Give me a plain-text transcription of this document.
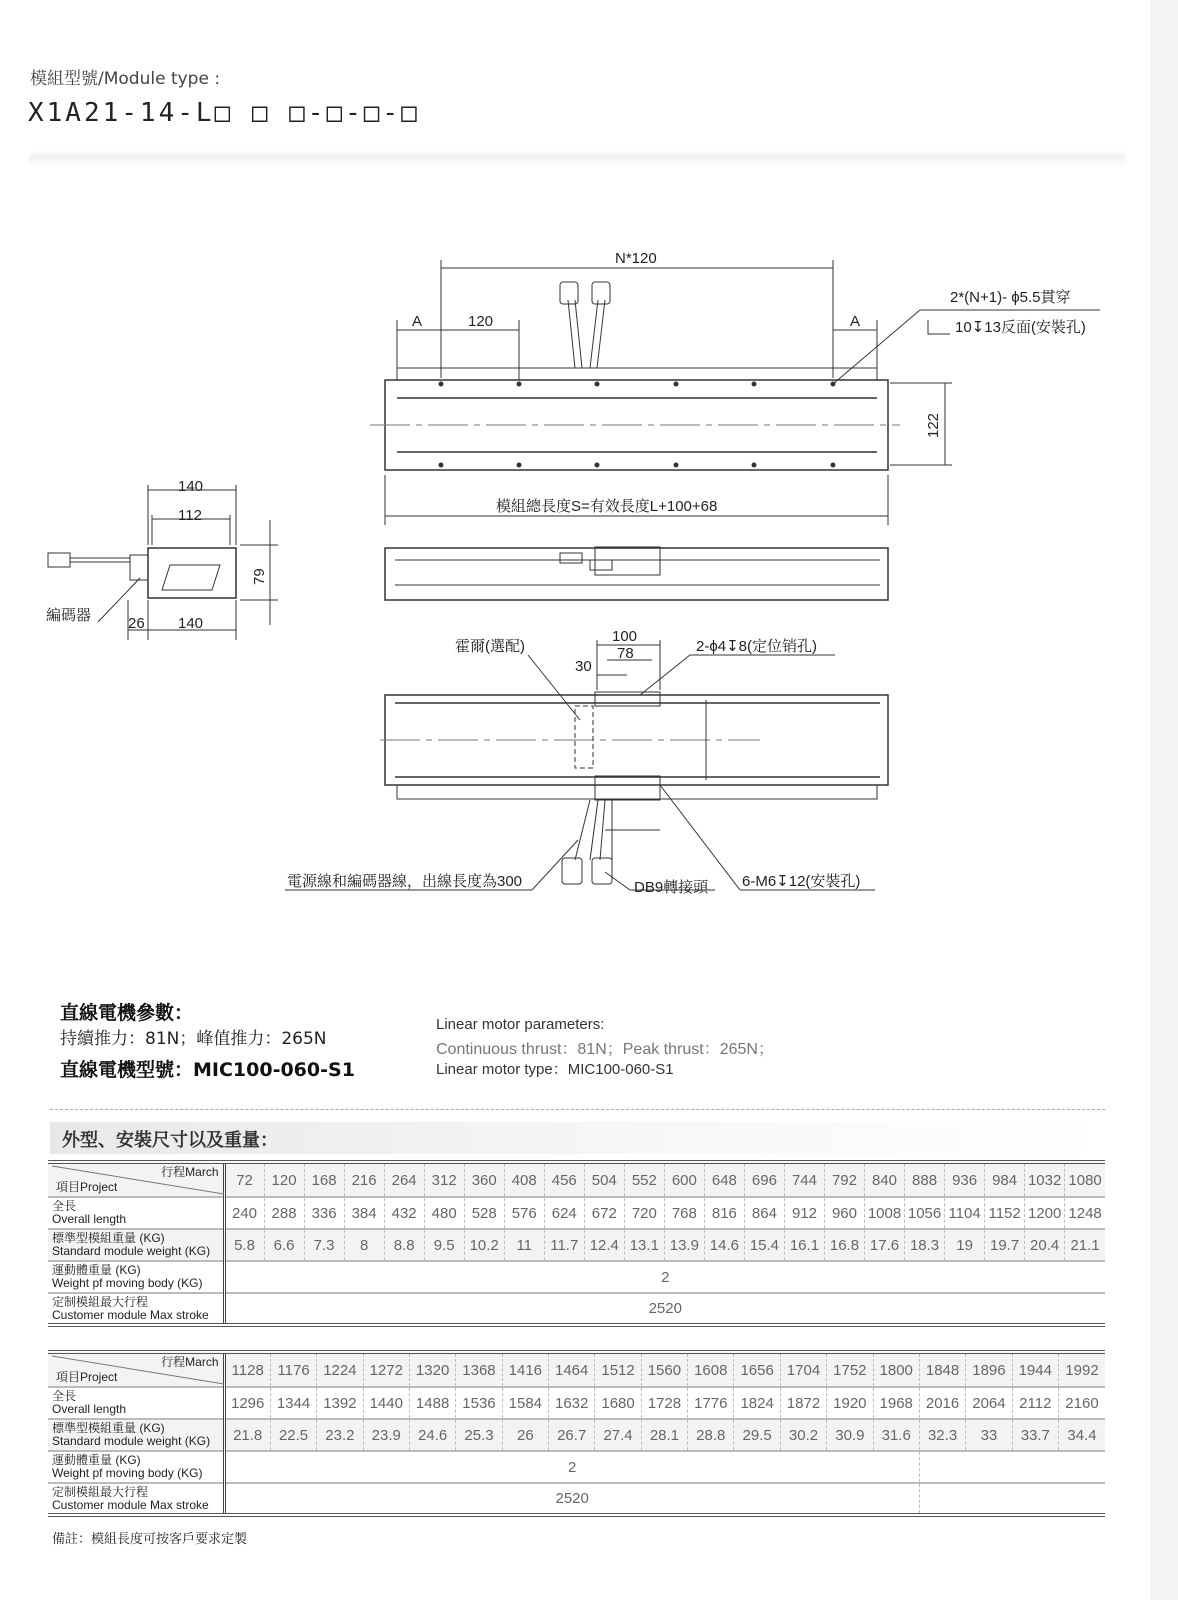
模組型號/Module type :
X1A21-14-L□ □ □-□-□-□
N*120
A	120	A
2*(N+1)- ϕ5.5貫穿
10↧13反面(安裝孔)
122
模組總長度S=有效長度L+100+68
140
112
79
編碼器 26 140
霍爾(選配)
100
78
30
2-ϕ4↧8(定位销孔)
電源線和編碼器線，出線長度為300	DB9轉接頭 6-M6↧12(安裝孔)
直線電機參數：
持續推力：81N；峰值推力：265N
直線電機型號：MIC100-060-S1
Linear motor parameters:
Continuous thrust：81N；Peak thrust：265N；
Linear motor type：MIC100-060-S1
外型、安裝尺寸以及重量：
行程March
項目Project	72	120	168	216	264	312	360	408	456	504	552	600	648	696	744	792	840	888	936	984	1032	1080

全長
Overall length	240	288	336	384	432	480	528	576	624	672	720	768	816	864	912	960	1008	1056	1104	1152	1200	1248

標準型模組重量 (KG)
Standard module weight (KG)	5.8	6.6	7.3	8	8.8	9.5	10.2	11	11.7	12.4	13.1	13.9	14.6	15.4	16.1	16.8	17.6	18.3	19	19.7	20.4	21.1

運動體重量 (KG)
Weight pf moving body (KG)	2																					

定制模組最大行程
Customer module Max stroke	2520																					
行程March
項目Project	1128	1176	1224	1272	1320	1368	1416	1464	1512	1560	1608	1656	1704	1752	1800	1848	1896	1944	1992

全長
Overall length	1296	1344	1392	1440	1488	1536	1584	1632	1680	1728	1776	1824	1872	1920	1968	2016	2064	2112	2160

標準型模組重量 (KG)
Standard module weight (KG)	21.8	22.5	23.2	23.9	24.6	25.3	26	26.7	27.4	28.1	28.8	29.5	30.2	30.9	31.6	32.3	33	33.7	34.4

運動體重量 (KG)
Weight pf moving body (KG)	2																		

定制模組最大行程
Customer module Max stroke	2520																		
備註：模組長度可按客戶要求定製
